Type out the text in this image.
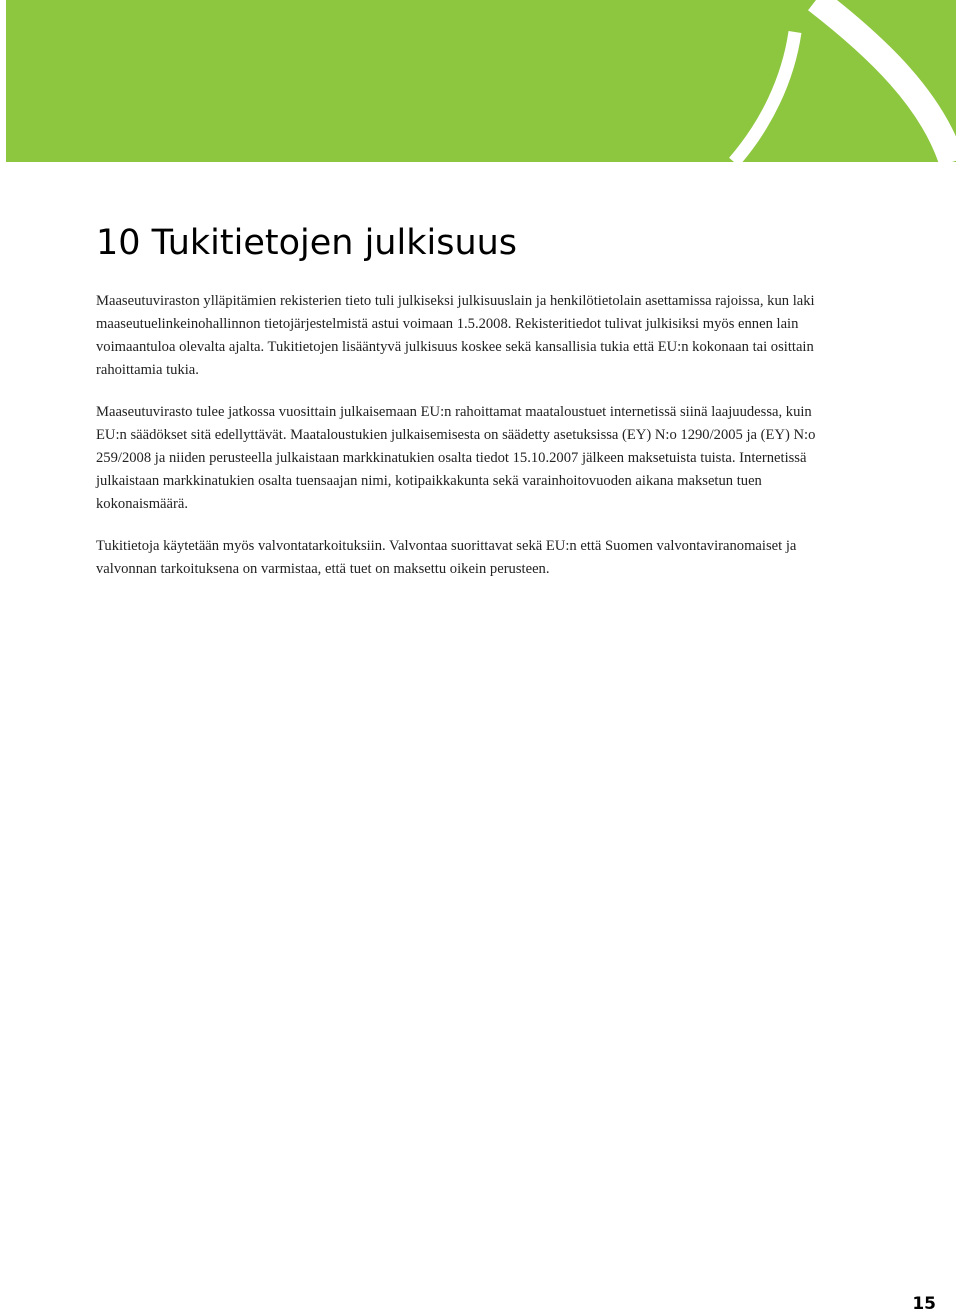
10 Tukitietojen julkisuus

Maaseutuviraston ylläpitämien rekisterien tieto tuli julkiseksi julkisuuslain ja henkilötietolain asettamissa rajoissa, kun laki maaseutuelinkeinohallinnon tietojärjestelmistä astui voimaan 1.5.2008. Rekisteritiedot tulivat julkisiksi myös ennen lain voimaantuloa olevalta ajalta. Tukitietojen lisääntyvä julkisuus koskee sekä kansallisia tukia että EU:n kokonaan tai osittain rahoittamia tukia.

Maaseutuvirasto tulee jatkossa vuosittain julkaisemaan EU:n rahoittamat maataloustuet internetissä siinä laajuudessa, kuin EU:n säädökset sitä edellyttävät. Maataloustukien julkaisemisesta on säädetty asetuksissa (EY) N:o 1290/2005 ja (EY) N:o 259/2008 ja niiden perusteella julkaistaan markkinatukien osalta tiedot 15.10.2007 jälkeen maksetuista tuista. Internetissä julkaistaan markkinatukien osalta tuensaajan nimi, kotipaikkakunta sekä varainhoitovuoden aikana maksetun tuen kokonaismäärä.

Tukitietoja käytetään myös valvontatarkoituksiin. Valvontaa suorittavat sekä EU:n että Suomen valvontaviranomaiset ja valvonnan tarkoituksena on varmistaa, että tuet on maksettu oikein perusteen.

15
